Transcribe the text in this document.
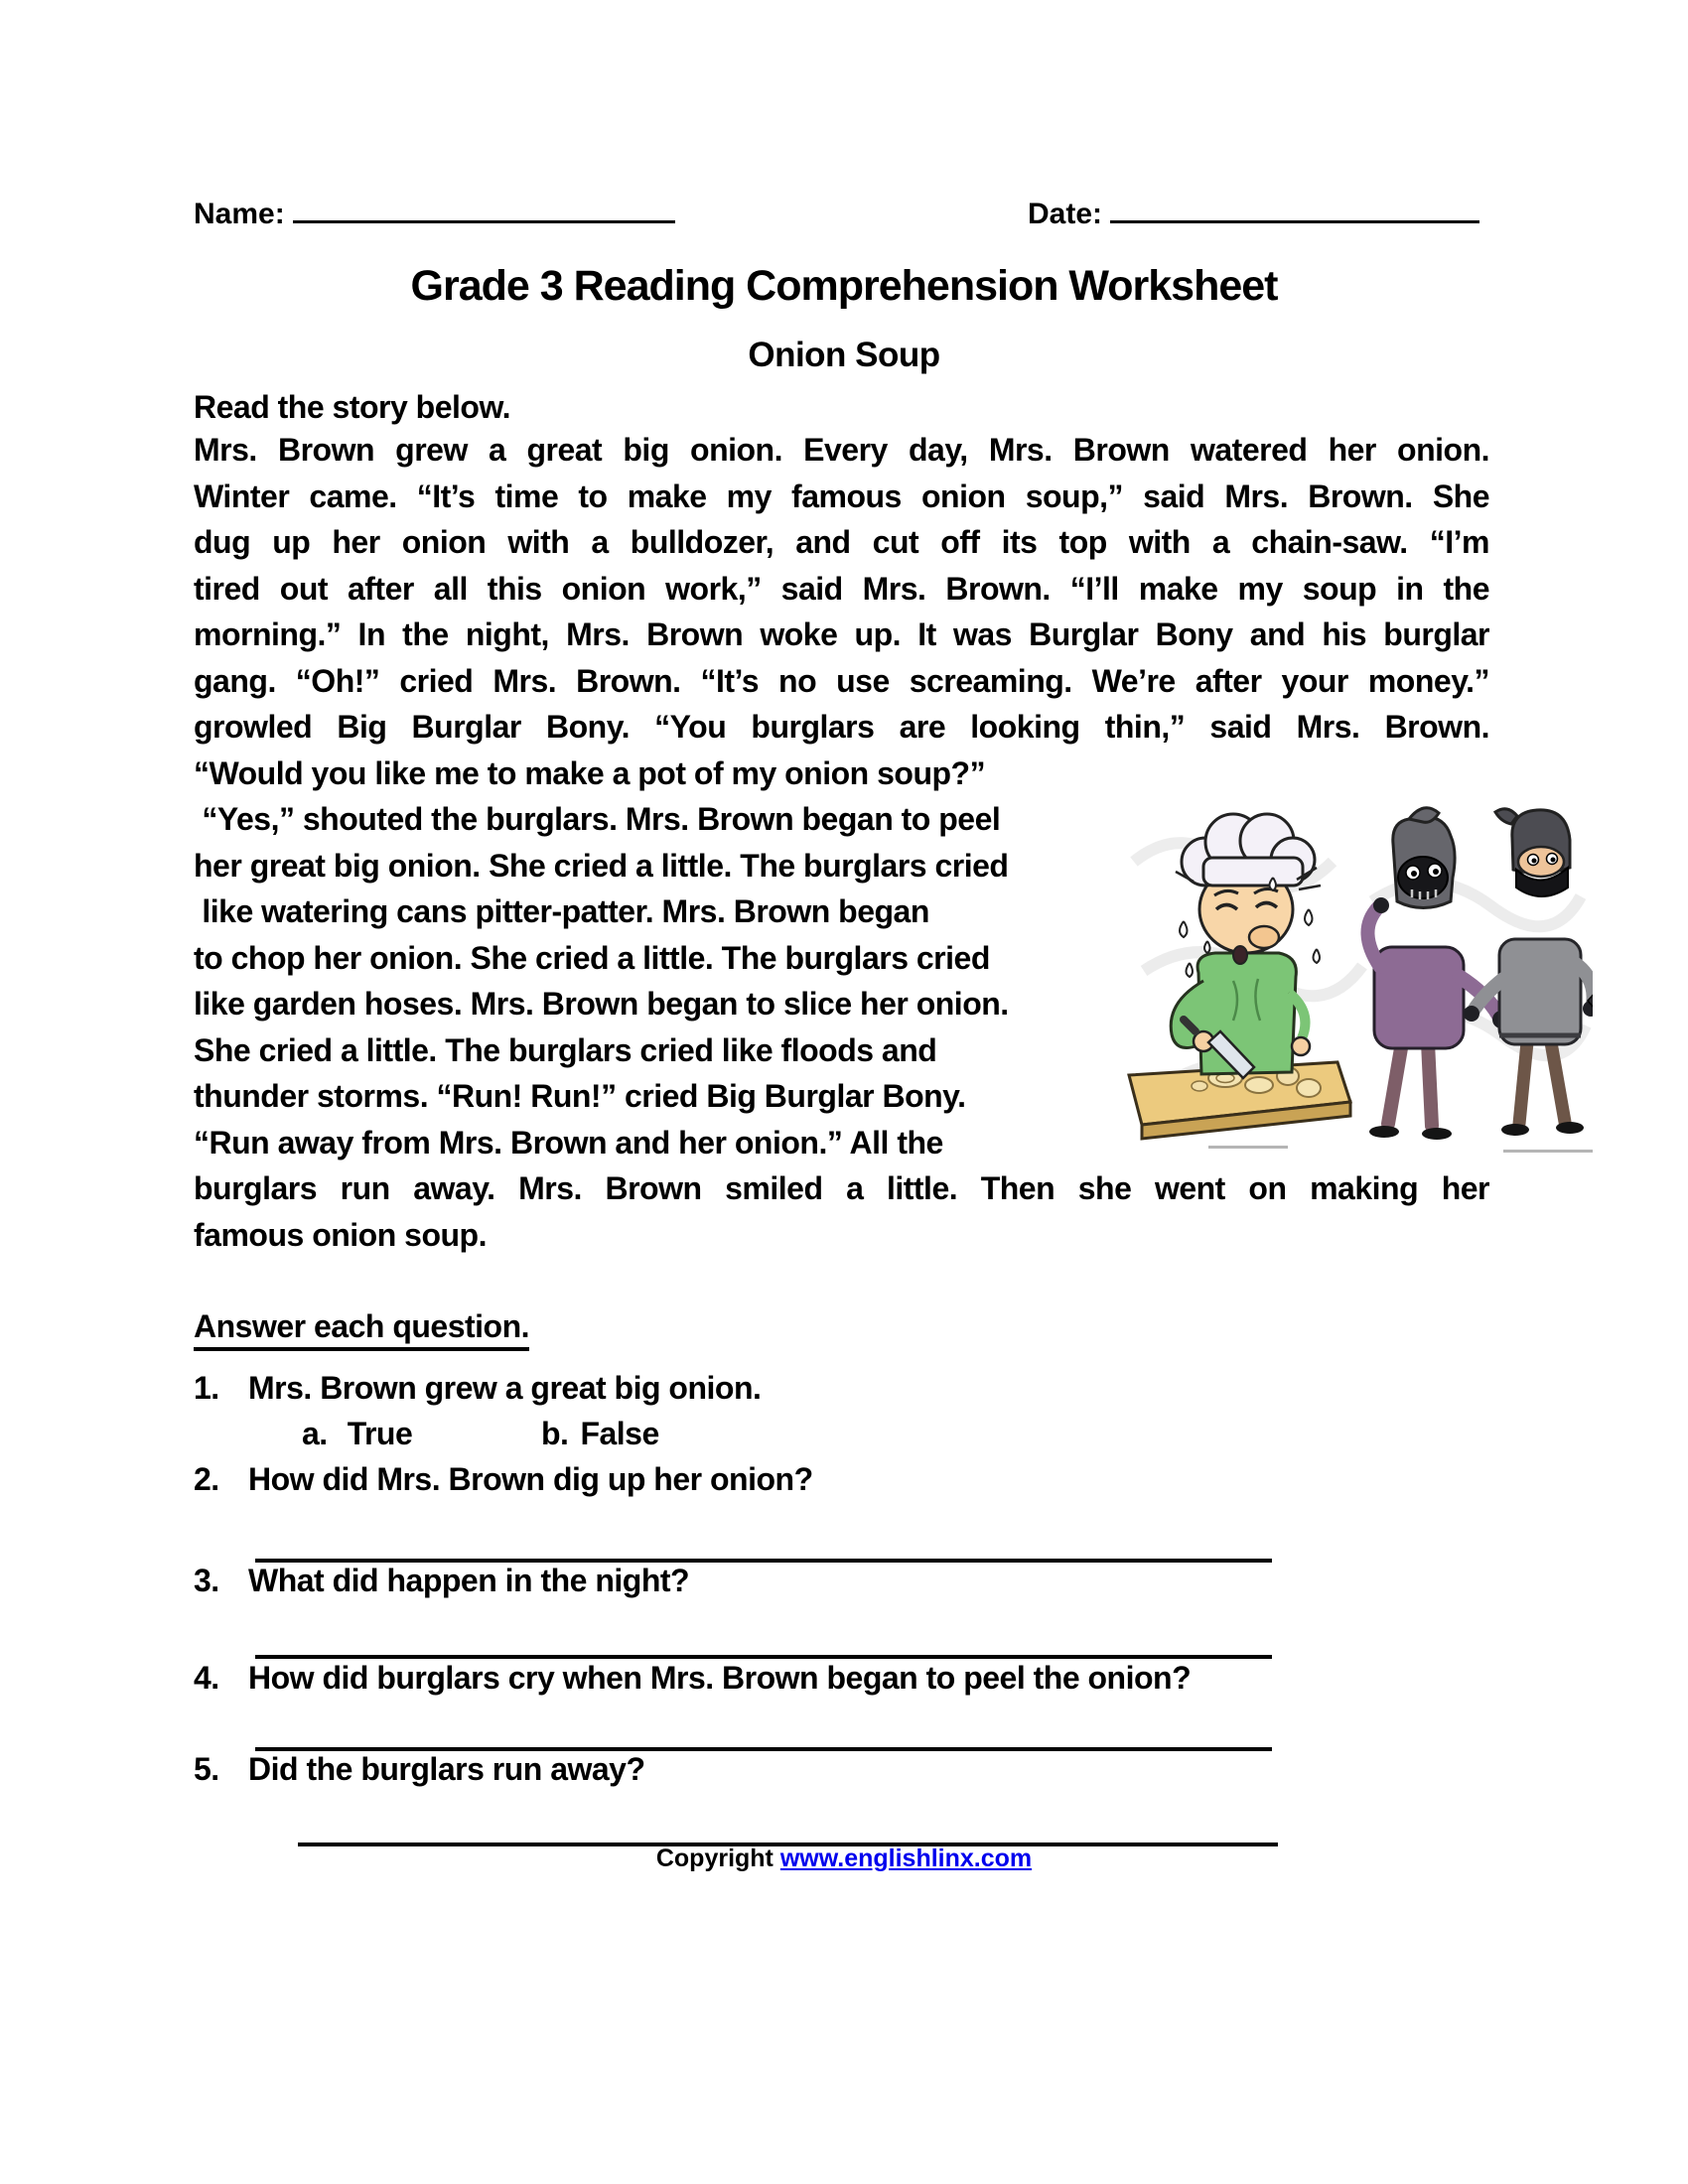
Name:	Date:
Grade 3 Reading Comprehension Worksheet
Onion Soup
Read the story below.
Mrs. Brown grew a great big onion. Every day, Mrs. Brown watered her onion.
Winter came. “It’s time to make my famous onion soup,” said Mrs. Brown. She
dug up her onion with a bulldozer, and cut off its top with a chain-saw. “I’m
tired out after all this onion work,” said Mrs. Brown. “I’ll make my soup in the
morning.” In the night, Mrs. Brown woke up. It was Burglar Bony and his burglar
gang. “Oh!” cried Mrs. Brown. “It’s no use screaming. We’re after your money.”
growled Big Burglar Bony. “You burglars are looking thin,” said Mrs. Brown.
“Would you like me to make a pot of my onion soup?”
“Yes,” shouted the burglars. Mrs. Brown began to peel
her great big onion. She cried a little. The burglars cried
like watering cans pitter-patter. Mrs. Brown began
to chop her onion. She cried a little. The burglars cried
like garden hoses. Mrs. Brown began to slice her onion.
She cried a little. The burglars cried like floods and
thunder storms. “Run! Run!” cried Big Burglar Bony.
“Run away from Mrs. Brown and her onion.” All the
burglars run away. Mrs. Brown smiled a little. Then she went on making her
famous onion soup.
Answer each question.
1. Mrs. Brown grew a great big onion.
a. True	b. False
2. How did Mrs. Brown dig up her onion?
3. What did happen in the night?
4. How did burglars cry when Mrs. Brown began to peel the onion?
5. Did the burglars run away?
Copyright www.englishlinx.com
